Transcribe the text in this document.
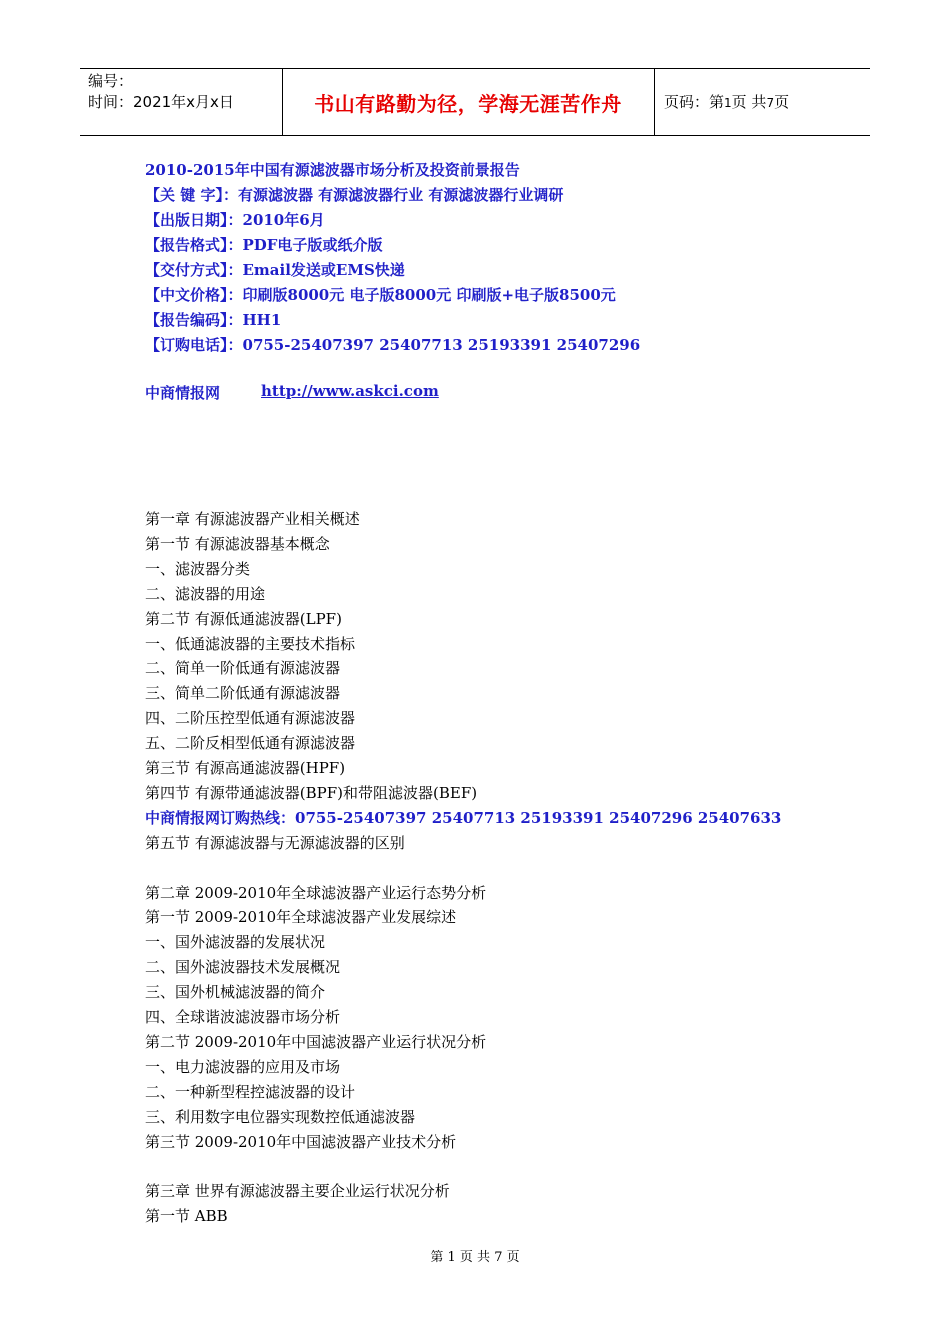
编号：
时间：2021年x月x日	书山有路勤为径，学海无涯苦作舟	页码：第1页 共7页
2010-2015年中国有源滤波器市场分析及投资前景报告
【关 键 字】：有源滤波器 有源滤波器行业 有源滤波器行业调研
【出版日期】：2010年6月
【报告格式】：PDF电子版或纸介版
【交付方式】：Email发送或EMS快递
【中文价格】：印刷版8000元 电子版8000元 印刷版+电子版8500元
【报告编码】：HH1
【订购电话】：0755-25407397 25407713 25193391 25407296
中商情报网	http://www.askci.com
第一章 有源滤波器产业相关概述
第一节 有源滤波器基本概念
一、滤波器分类
二、滤波器的用途
第二节 有源低通滤波器(LPF)
一、低通滤波器的主要技术指标
二、简单一阶低通有源滤波器
三、简单二阶低通有源滤波器
四、二阶压控型低通有源滤波器
五、二阶反相型低通有源滤波器
第三节 有源高通滤波器(HPF)
第四节 有源带通滤波器(BPF)和带阻滤波器(BEF)
中商情报网订购热线：0755-25407397 25407713 25193391 25407296 25407633
第五节 有源滤波器与无源滤波器的区别
第二章 2009-2010年全球滤波器产业运行态势分析
第一节 2009-2010年全球滤波器产业发展综述
一、国外滤波器的发展状况
二、国外滤波器技术发展概况
三、国外机械滤波器的简介
四、全球谐波滤波器市场分析
第二节 2009-2010年中国滤波器产业运行状况分析
一、电力滤波器的应用及市场
二、一种新型程控滤波器的设计
三、利用数字电位器实现数控低通滤波器
第三节 2009-2010年中国滤波器产业技术分析
第三章 世界有源滤波器主要企业运行状况分析
第一节 ABB
第 1 页 共 7 页
